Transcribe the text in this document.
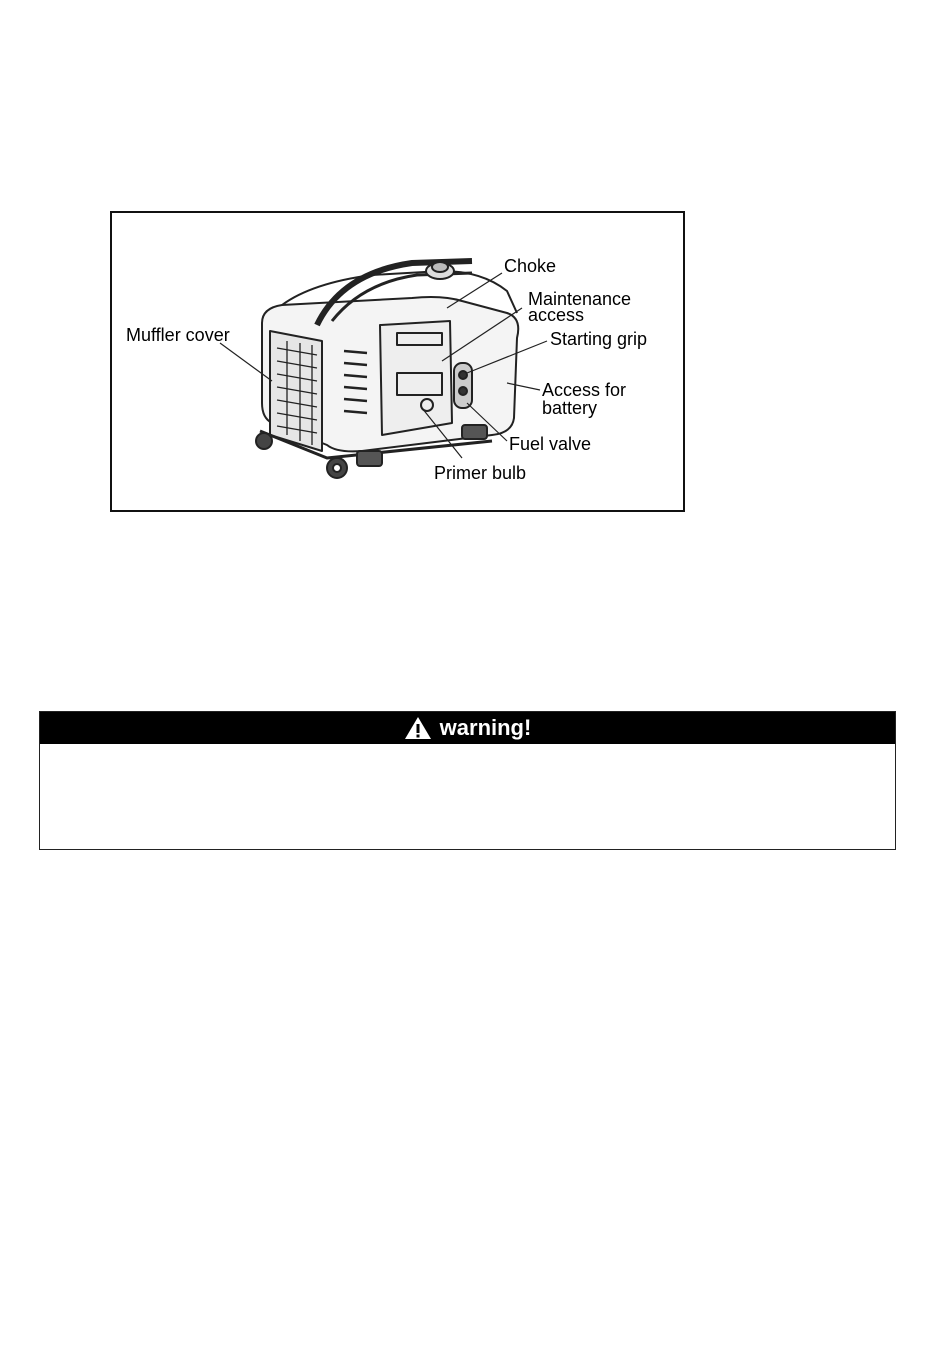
Choke
Maintenance
access
Muffler cover	Starting grip
Access for
battery
Fuel valve
Primer bulb
warning!
